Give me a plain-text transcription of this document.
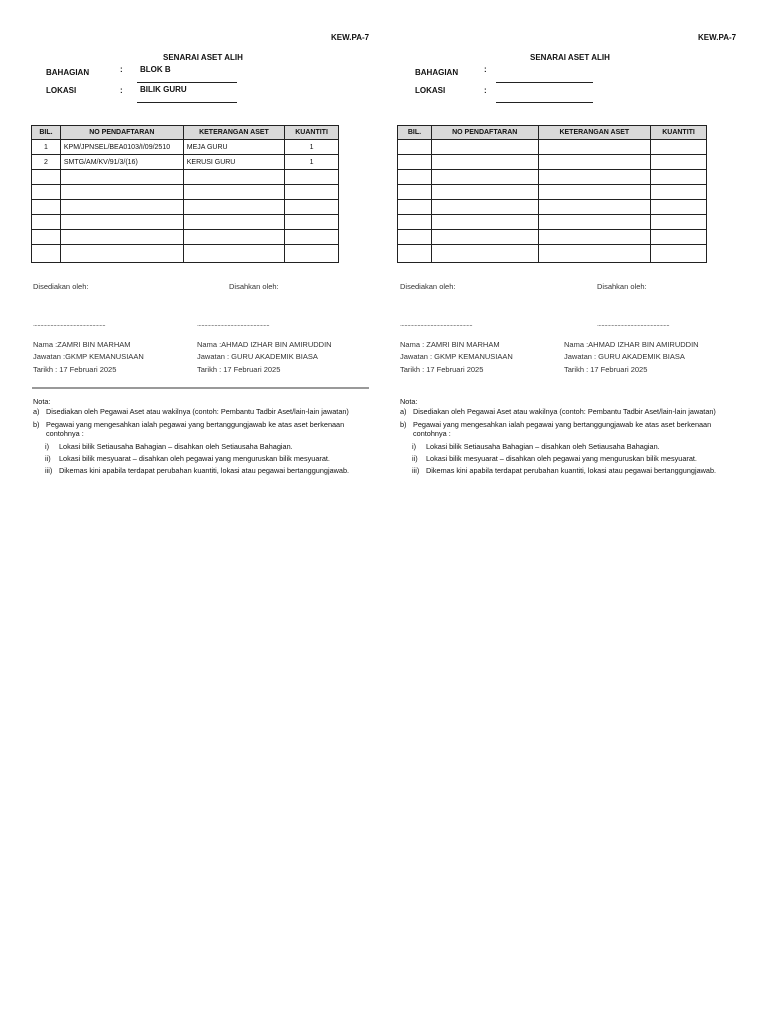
KEW.PA-7
SENARAI ASET ALIH
BAHAGIAN	: BLOK B
LOKASI	: BILIK GURU
BIL.	NO PENDAFTARAN	KETERANGAN ASET	KUANTITI
1	KPM/JPNSEL/BEA0103/I/09/2510	MEJA GURU	1
2	SMTG/AM/KV/91/3/(16)	KERUSI GURU	1

Disediakan oleh:	Disahkan oleh:
..................................................	..................................................
Nama :ZAMRI BIN MARHAM
Jawatan :GKMP KEMANUSIAAN
Tarikh : 17 Februari 2025
Nama :AHMAD IZHAR BIN AMIRUDDIN
Jawatan : GURU AKADEMIK BIASA
Tarikh : 17 Februari 2025
Nota:
a) Disediakan oleh Pegawai Aset atau wakilnya (contoh: Pembantu Tadbir Aset/lain-lain jawatan)
b) Pegawai yang mengesahkan ialah pegawai yang bertanggungjawab ke atas aset berkenaan
contohnya :
i) Lokasi bilik Setiausaha Bahagian – disahkan oleh Setiausaha Bahagian.
ii) Lokasi bilik mesyuarat – disahkan oleh pegawai yang menguruskan bilik mesyuarat.
iii) Dikemas kini apabila terdapat perubahan kuantiti, lokasi atau pegawai bertanggungjawab.
KEW.PA-7
SENARAI ASET ALIH
BAHAGIAN	:
LOKASI	:
BIL.	NO PENDAFTARAN	KETERANGAN ASET	KUANTITI

Disediakan oleh:	Disahkan oleh:
..................................................	..................................................
Nama : ZAMRI BIN MARHAM
Jawatan : GKMP KEMANUSIAAN
Tarikh : 17 Februari 2025
Nama :AHMAD IZHAR BIN AMIRUDDIN
Jawatan : GURU AKADEMIK BIASA
Tarikh : 17 Februari 2025
Nota:
a) Disediakan oleh Pegawai Aset atau wakilnya (contoh: Pembantu Tadbir Aset/lain-lain jawatan)
b) Pegawai yang mengesahkan ialah pegawai yang bertanggungjawab ke atas aset berkenaan
contohnya :
i) Lokasi bilik Setiausaha Bahagian – disahkan oleh Setiausaha Bahagian.
ii) Lokasi bilik mesyuarat – disahkan oleh pegawai yang menguruskan bilik mesyuarat.
iii) Dikemas kini apabila terdapat perubahan kuantiti, lokasi atau pegawai bertanggungjawab.
